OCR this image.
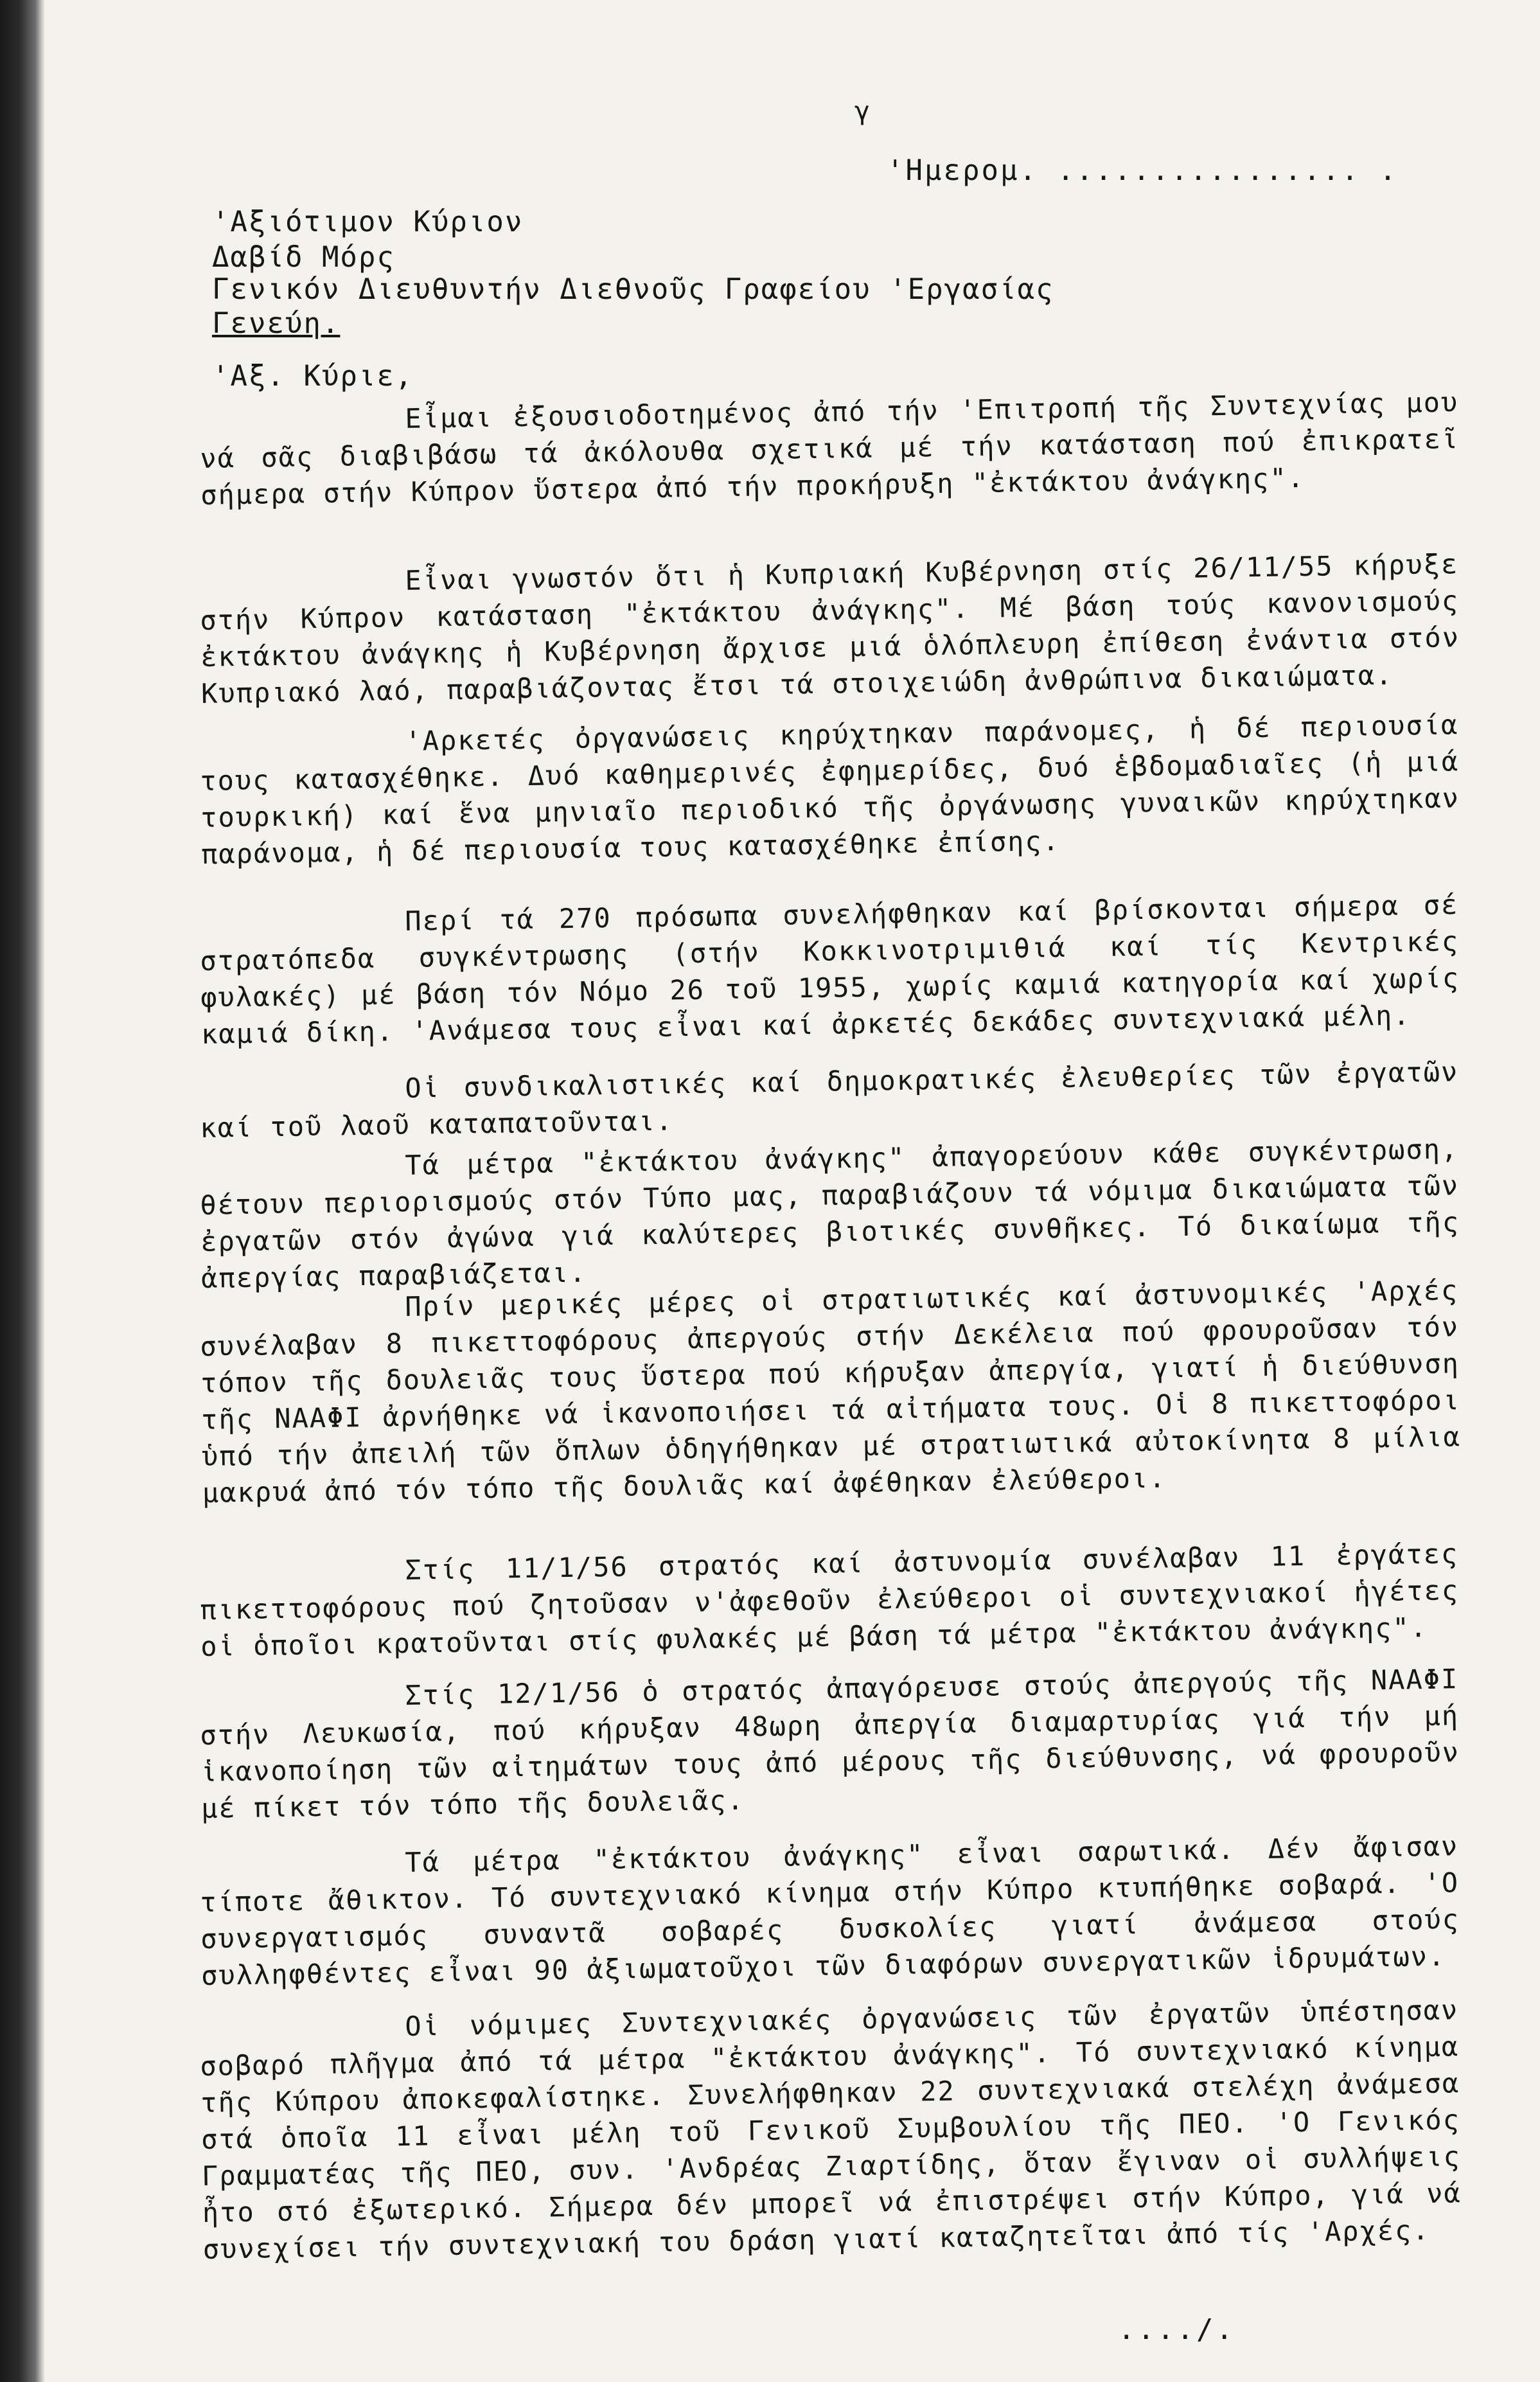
γ
'Ημερομ. ................ .
'Αξιότιμον Κύριον
Δαβίδ Μόρς
Γενικόν Διευθυντήν Διεθνοῦς Γραφείου 'Εργασίας
Γενεύη.
'Αξ. Κύριε,
Εἶμαι ἐξουσιοδοτημένος ἀπό τήν 'Επιτροπή τῆς Συντεχνίας μου νά σᾶς διαβιβάσω τά ἀκόλουθα σχετικά μέ τήν κατάσταση πού ἐπικρατεῖ σήμερα στήν Κύπρον ὕστερα ἀπό τήν προκήρυξη "ἐκτάκτου ἀνάγκης".
Εἶναι γνωστόν ὅτι ἡ Κυπριακή Κυβέρνηση στίς 26/11/55 κήρυξε στήν Κύπρον κατάσταση "ἐκτάκτου ἀνάγκης". Μέ βάση τούς κανονισμούς ἐκτάκτου ἀνάγκης ἡ Κυβέρνηση ἄρχισε μιά ὁλόπλευρη ἐπίθεση ἐνάντια στόν Κυπριακό λαό, παραβιάζοντας ἔτσι τά στοιχειώδη ἀνθρώπινα δικαιώματα.
'Αρκετές ὀργανώσεις κηρύχτηκαν παράνομες, ἡ δέ περιουσία τους κατασχέθηκε. Δυό καθημερινές ἐφημερίδες, δυό ἑβδομαδιαῖες (ἡ μιά τουρκική) καί ἕνα μηνιαῖο περιοδικό τῆς ὀργάνωσης γυναικῶν κηρύχτηκαν παράνομα, ἡ δέ περιουσία τους κατασχέθηκε ἐπίσης.
Περί τά 270 πρόσωπα συνελήφθηκαν καί βρίσκονται σήμερα σέ στρατόπεδα συγκέντρωσης (στήν Κοκκινοτριμιθιά καί τίς Κεντρικές φυλακές) μέ βάση τόν Νόμο 26 τοῦ 1955, χωρίς καμιά κατηγορία καί χωρίς καμιά δίκη. 'Ανάμεσα τους εἶναι καί ἀρκετές δεκάδες συντεχνιακά μέλη.
Οἱ συνδικαλιστικές καί δημοκρατικές ἐλευθερίες τῶν ἐργατῶν καί τοῦ λαοῦ καταπατοῦνται.
Τά μέτρα "ἐκτάκτου ἀνάγκης" ἀπαγορεύουν κάθε συγκέντρωση, θέτουν περιορισμούς στόν Τύπο μας, παραβιάζουν τά νόμιμα δικαιώματα τῶν ἐργατῶν στόν ἀγώνα γιά καλύτερες βιοτικές συνθῆκες. Τό δικαίωμα τῆς ἀπεργίας παραβιάζεται.
Πρίν μερικές μέρες οἱ στρατιωτικές καί ἀστυνομικές 'Αρχές συνέλαβαν 8 πικεττοφόρους ἀπεργούς στήν Δεκέλεια πού φρουροῦσαν τόν τόπον τῆς δουλειᾶς τους ὕστερα πού κήρυξαν ἀπεργία, γιατί ἡ διεύθυνση τῆς ΝΑΑΦΙ ἀρνήθηκε νά ἱκανοποιήσει τά αἰτήματα τους. Οἱ 8 πικεττοφόροι ὑπό τήν ἀπειλή τῶν ὅπλων ὁδηγήθηκαν μέ στρατιωτικά αὐτοκίνητα 8 μίλια μακρυά ἀπό τόν τόπο τῆς δουλιᾶς καί ἀφέθηκαν ἐλεύθεροι.
Στίς 11/1/56 στρατός καί ἀστυνομία συνέλαβαν 11 ἐργάτες πικεττοφόρους πού ζητοῦσαν ν'ἀφεθοῦν ἐλεύθεροι οἱ συντεχνιακοί ἡγέτες οἱ ὁποῖοι κρατοῦνται στίς φυλακές μέ βάση τά μέτρα "ἐκτάκτου ἀνάγκης".
Στίς 12/1/56 ὁ στρατός ἀπαγόρευσε στούς ἀπεργούς τῆς ΝΑΑΦΙ στήν Λευκωσία, πού κήρυξαν 48ωρη ἀπεργία διαμαρτυρίας γιά τήν μή ἱκανοποίηση τῶν αἰτημάτων τους ἀπό μέρους τῆς διεύθυνσης, νά φρουροῦν μέ πίκετ τόν τόπο τῆς δουλειᾶς.
Τά μέτρα "ἐκτάκτου ἀνάγκης" εἶναι σαρωτικά. Δέν ἄφισαν τίποτε ἄθικτον. Τό συντεχνιακό κίνημα στήν Κύπρο κτυπήθηκε σοβαρά. 'Ο συνεργατισμός συναντᾶ σοβαρές δυσκολίες γιατί ἀνάμεσα στούς συλληφθέντες εἶναι 90 ἀξιωματοῦχοι τῶν διαφόρων συνεργατικῶν ἱδρυμάτων.
Οἱ νόμιμες Συντεχνιακές ὀργανώσεις τῶν ἐργατῶν ὑπέστησαν σοβαρό πλῆγμα ἀπό τά μέτρα "ἐκτάκτου ἀνάγκης". Τό συντεχνιακό κίνημα τῆς Κύπρου ἀποκεφαλίστηκε. Συνελήφθηκαν 22 συντεχνιακά στελέχη ἀνάμεσα στά ὁποῖα 11 εἶναι μέλη τοῦ Γενικοῦ Συμβουλίου τῆς ΠΕΟ. 'Ο Γενικός Γραμματέας τῆς ΠΕΟ, συν. 'Ανδρέας Ζιαρτίδης, ὅταν ἔγιναν οἱ συλλήψεις ἦτο στό ἐξωτερικό. Σήμερα δέν μπορεῖ νά ἐπιστρέψει στήν Κύπρο, γιά νά συνεχίσει τήν συντεχνιακή του δράση γιατί καταζητεῖται ἀπό τίς 'Αρχές.
..../.
